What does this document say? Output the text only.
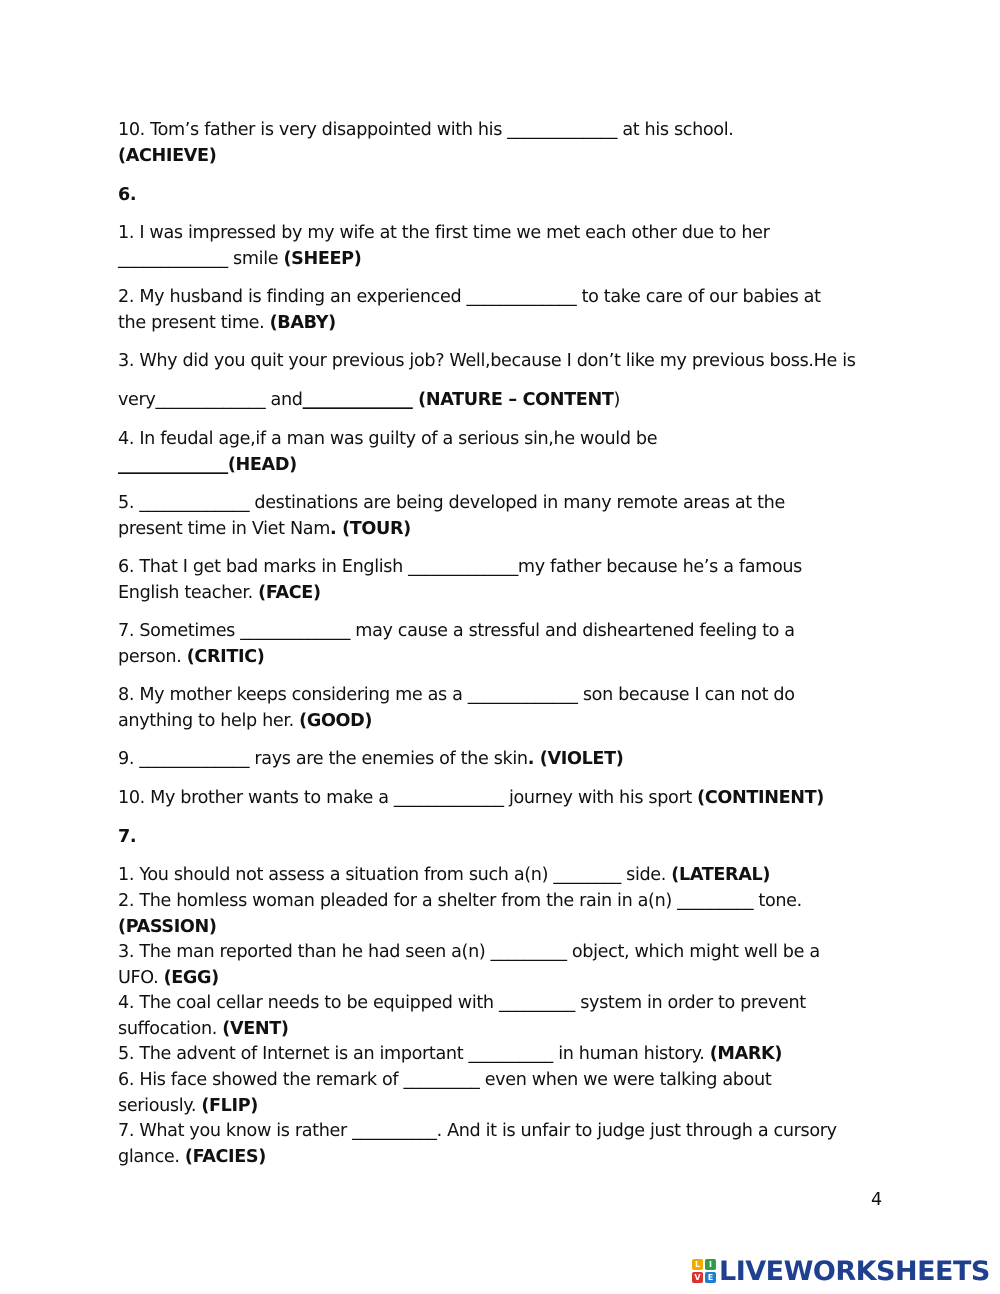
10. Tom’s father is very disappointed with his _____________ at his school.
(ACHIEVE)
6.
1. I was impressed by my wife at the first time we met each other due to her
_____________ smile (SHEEP)
2. My husband is finding an experienced _____________ to take care of our babies at
the present time. (BABY)
3. Why did you quit your previous job? Well,because I don’t like my previous boss.He is
very_____________ and_____________ (NATURE – CONTENT)
4. In feudal age,if a man was guilty of a serious sin,he would be
_____________(HEAD)
5. _____________ destinations are being developed in many remote areas at the
present time in Viet Nam. (TOUR)
6. That I get bad marks in English _____________my father because he’s a famous
English teacher. (FACE)
7. Sometimes _____________ may cause a stressful and disheartened feeling to a
person. (CRITIC)
8. My mother keeps considering me as a _____________ son because I can not do
anything to help her. (GOOD)
9. _____________ rays are the enemies of the skin. (VIOLET)
10. My brother wants to make a _____________ journey with his sport (CONTINENT)
7.
1. You should not assess a situation from such a(n) ________ side. (LATERAL)
2. The homless woman pleaded for a shelter from the rain in a(n) _________ tone.
(PASSION)
3. The man reported than he had seen a(n) _________ object, which might well be a
UFO. (EGG)
4. The coal cellar needs to be equipped with _________ system in order to prevent
suffocation. (VENT)
5. The advent of Internet is an important __________ in human history. (MARK)
6. His face showed the remark of _________ even when we were talking about
seriously. (FLIP)
7. What you know is rather __________. And it is unfair to judge just through a cursory
glance. (FACIES)
4
L	I
V E LIVEWORKSHEETS
